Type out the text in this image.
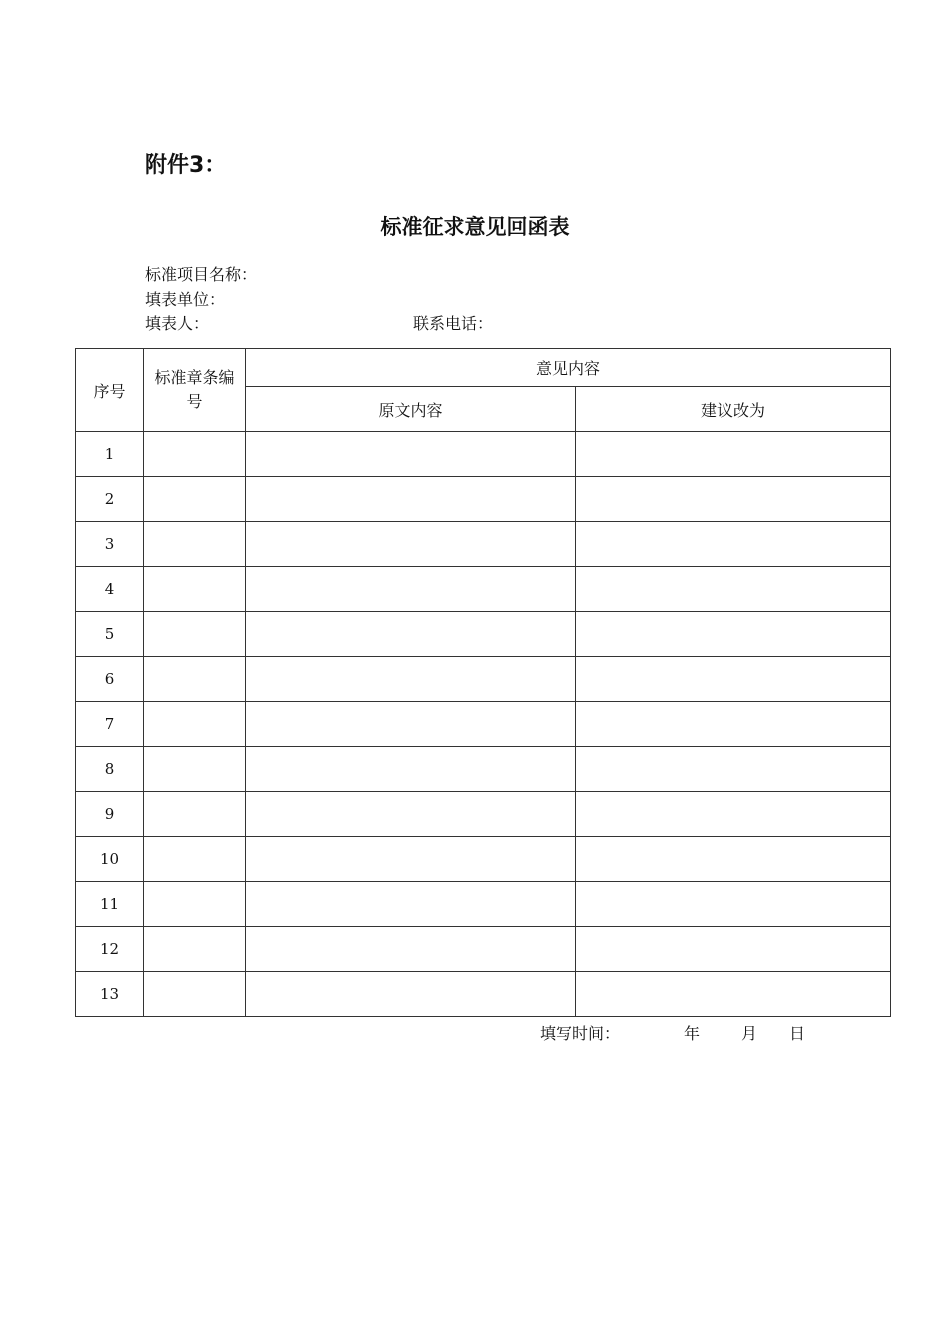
附件3：
标准征求意见回函表
标准项目名称：
填表单位：
填表人：	联系电话：
序号	标准章条编号	意见内容	
		原文内容	建议改为
1			
2			
3			
4			
5			
6			
7			
8			
9			
10			
11			
12			
13			
填写时间：	年	月 日
